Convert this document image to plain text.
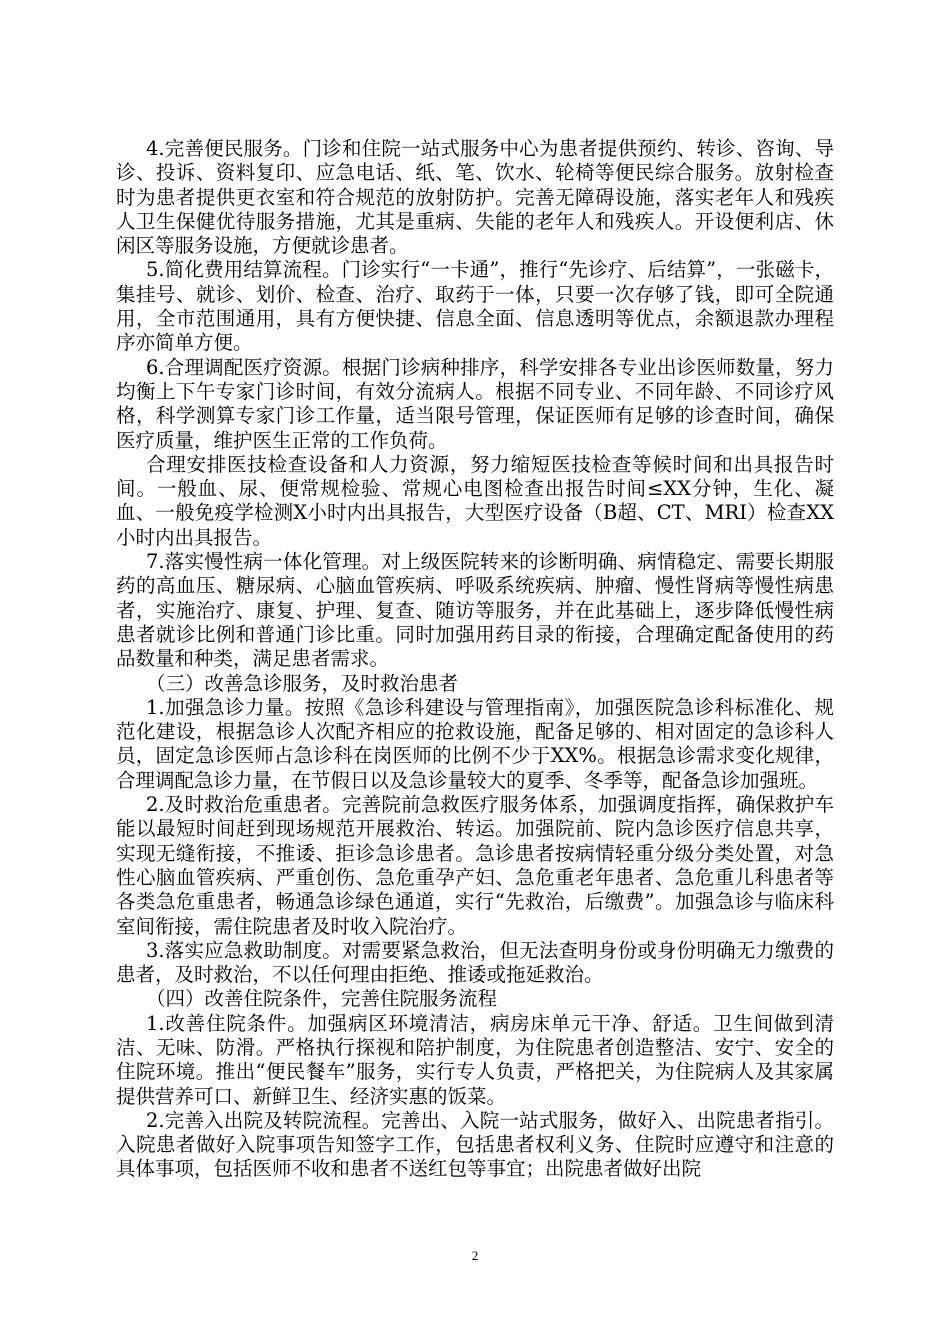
4.完善便民服务。门诊和住院一站式服务中心为患者提供预约、转诊、咨询、导诊、投诉、资料复印、应急电话、纸、笔、饮水、轮椅等便民综合服务。放射检查时为患者提供更衣室和符合规范的放射防护。完善无障碍设施，落实老年人和残疾人卫生保健优待服务措施，尤其是重病、失能的老年人和残疾人。开设便利店、休闲区等服务设施，方便就诊患者。

5.简化费用结算流程。门诊实行“一卡通”，推行“先诊疗、后结算”，一张磁卡，集挂号、就诊、划价、检查、治疗、取药于一体，只要一次存够了钱，即可全院通用，全市范围通用，具有方便快捷、信息全面、信息透明等优点，余额退款办理程序亦简单方便。

6.合理调配医疗资源。根据门诊病种排序，科学安排各专业出诊医师数量，努力均衡上下午专家门诊时间，有效分流病人。根据不同专业、不同年龄、不同诊疗风格，科学测算专家门诊工作量，适当限号管理，保证医师有足够的诊查时间，确保医疗质量，维护医生正常的工作负荷。

合理安排医技检查设备和人力资源，努力缩短医技检查等候时间和出具报告时间。一般血、尿、便常规检验、常规心电图检查出报告时间≤XX分钟，生化、凝血、一般免疫学检测X小时内出具报告，大型医疗设备（B超、CT、MRI）检查XX小时内出具报告。

7.落实慢性病一体化管理。对上级医院转来的诊断明确、病情稳定、需要长期服药的高血压、糖尿病、心脑血管疾病、呼吸系统疾病、肿瘤、慢性肾病等慢性病患者，实施治疗、康复、护理、复查、随访等服务，并在此基础上，逐步降低慢性病患者就诊比例和普通门诊比重。同时加强用药目录的衔接，合理确定配备使用的药品数量和种类，满足患者需求。

（三）改善急诊服务，及时救治患者

1.加强急诊力量。按照《急诊科建设与管理指南》，加强医院急诊科标准化、规范化建设，根据急诊人次配齐相应的抢救设施，配备足够的、相对固定的急诊科人员，固定急诊医师占急诊科在岗医师的比例不少于XX%。根据急诊需求变化规律，合理调配急诊力量，在节假日以及急诊量较大的夏季、冬季等，配备急诊加强班。

2.及时救治危重患者。完善院前急救医疗服务体系，加强调度指挥，确保救护车能以最短时间赶到现场规范开展救治、转运。加强院前、院内急诊医疗信息共享，实现无缝衔接，不推诿、拒诊急诊患者。急诊患者按病情轻重分级分类处置，对急性心脑血管疾病、严重创伤、急危重孕产妇、急危重老年患者、急危重儿科患者等各类急危重患者，畅通急诊绿色通道，实行“先救治，后缴费”。加强急诊与临床科室间衔接，需住院患者及时收入院治疗。

3.落实应急救助制度。对需要紧急救治，但无法查明身份或身份明确无力缴费的患者，及时救治，不以任何理由拒绝、推诿或拖延救治。

（四）改善住院条件，完善住院服务流程

1.改善住院条件。加强病区环境清洁，病房床单元干净、舒适。卫生间做到清洁、无味、防滑。严格执行探视和陪护制度，为住院患者创造整洁、安宁、安全的住院环境。推出“便民餐车”服务，实行专人负责，严格把关，为住院病人及其家属提供营养可口、新鲜卫生、经济实惠的饭菜。

2.完善入出院及转院流程。完善出、入院一站式服务，做好入、出院患者指引。入院患者做好入院事项告知签字工作，包括患者权利义务、住院时应遵守和注意的具体事项，包括医师不收和患者不送红包等事宜；出院患者做好出院

2
